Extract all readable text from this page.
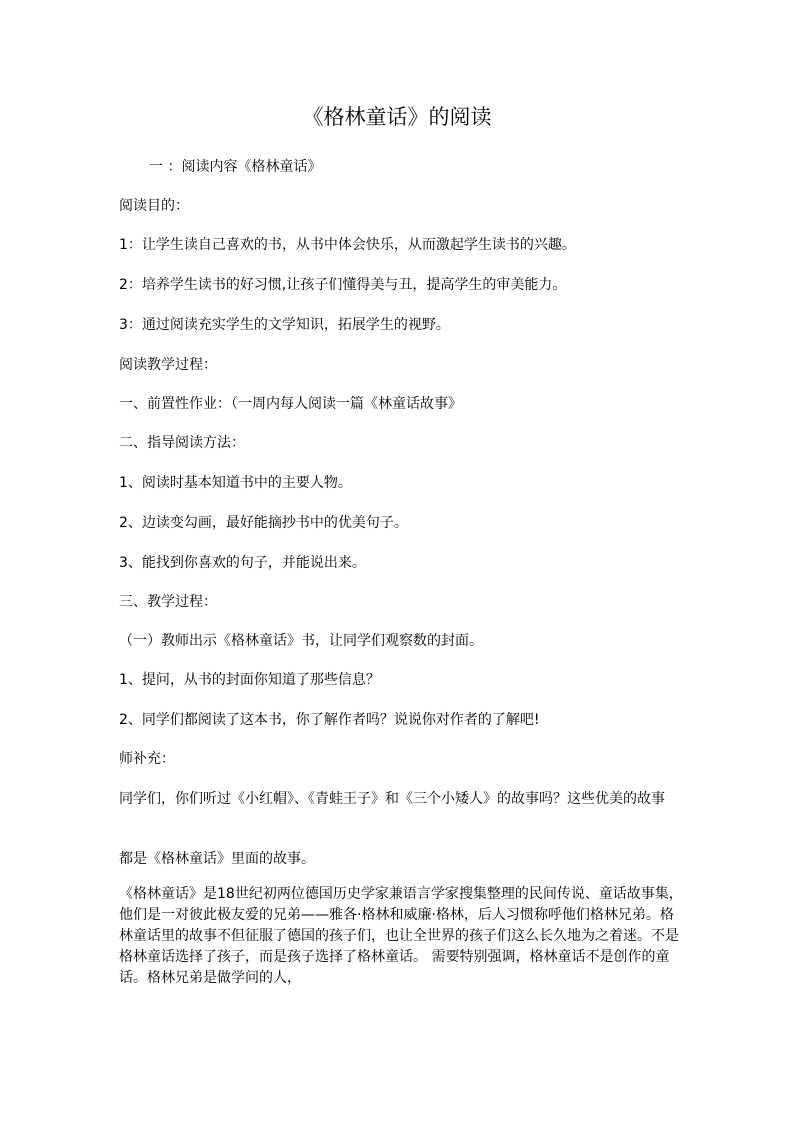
《格林童话》的阅读
一 ：阅读内容《格林童话》
阅读目的：
1：让学生读自己喜欢的书，从书中体会快乐，从而激起学生读书的兴趣。
2：培养学生读书的好习惯,让孩子们懂得美与丑，提高学生的审美能力。
3：通过阅读充实学生的文学知识，拓展学生的视野。
阅读教学过程：
一、前置性作业：（一周内每人阅读一篇《林童话故事》
二、指导阅读方法：
1、阅读时基本知道书中的主要人物。
2、边读变勾画，最好能摘抄书中的优美句子。
3、能找到你喜欢的句子，并能说出来。
三、教学过程：
（一）教师出示《格林童话》书，让同学们观察数的封面。
1、提问，从书的封面你知道了那些信息？
2、同学们都阅读了这本书，你了解作者吗？说说你对作者的了解吧!
师补充：
同学们，你们听过《小红帽》、《青蛙王子》和《三个小矮人》的故事吗？这些优美的故事
都是《格林童话》里面的故事。
《格林童话》是18世纪初两位德国历史学家兼语言学家搜集整理的民间传说、童话故事集，他们是一对彼此极友爱的兄弟——雅各·格林和威廉·格林，后人习惯称呼他们格林兄弟。格林童话里的故事不但征服了德国的孩子们，也让全世界的孩子们这么长久地为之着迷。不是格林童话选择了孩子，而是孩子选择了格林童话。 需要特别强调，格林童话不是创作的童话。格林兄弟是做学问的人，
